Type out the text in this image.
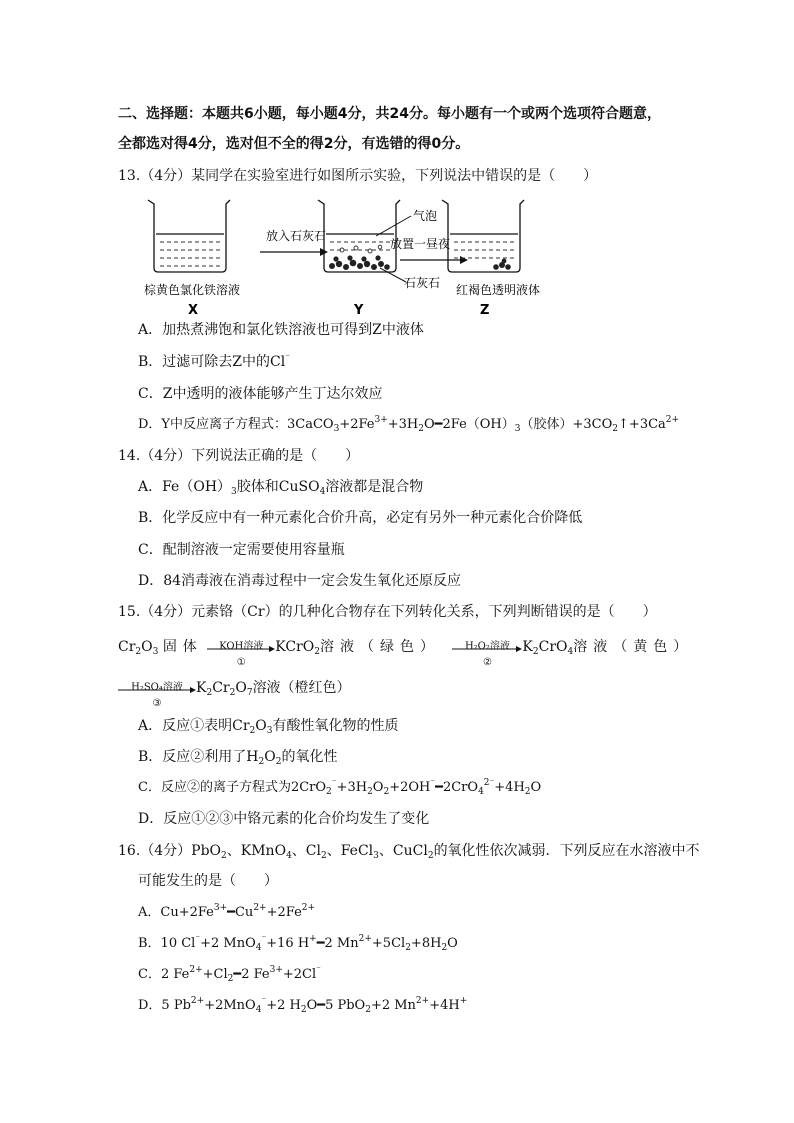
二、选择题：本题共6小题，每小题4分，共24分。每小题有一个或两个选项符合题意，
全都选对得4分，选对但不全的得2分，有选错的得0分。
13.（4分）某同学在实验室进行如图所示实验，下列说法中错误的是（　　）
放入石灰石
气泡
石灰石
放置一昼夜
棕黄色氯化铁溶液
X	Y
红褐色透明液体
Z
A．加热煮沸饱和氯化铁溶液也可得到Z中液体
B．过滤可除去Z中的Cl⁻
C．Z中透明的液体能够产生丁达尔效应
D．Y中反应离子方程式：$3CaCO_3+2Fe^{3+}+3H_2O━2Fe(OH)_3$（胶体）$+3CO_2↑+3Ca^{2+}$
14.（4分）下列说法正确的是（　　）
A．$Fe(OH)_3$胶体和CuSO$_4$溶液都是混合物
B．化学反应中有一种元素化合价升高，必定有另外一种元素化合价降低
C．配制溶液一定需要使用容量瓶
D．84消毒液在消毒过程中一定会发生氧化还原反应
15.（4分）元素铬（Cr）的几种化合物存在下列转化关系，下列判断错误的是（　　）
$Cr_2O_3$ 固体	KOH溶液
①
KCrO$_2$溶液（绿色）	H₂O₂溶液
②
$K_2CrO_4$溶液（黄色）
H₂SO₄溶液
③
$K_2Cr_2O_7$溶液（橙红色）
A．反应①表明$Cr_2O_3$有酸性氧化物的性质
B．反应②利用了$H_2O_2$的氧化性
C．反应②的离子方程式为$2CrO_2^{^-}+3H_2O_2+2OH^{^-}━2CrO_4^{2^-}+4H_2O$
D．反应①②③中铬元素的化合价均发生了变化
16.（4分）PbO$_2$、KMnO$_4$、$Cl_2$、FeCl$_3$、CuCl$_2$的氧化性依次减弱．下列反应在水溶液中不
可能发生的是（　　）
A．$Cu+2Fe^{3+}━Cu^{2+}+2Fe^{2+}$
B．10 Cl⁻+2 MnO$_4$⁻+16 H+━2 $Mn^{2+}+5Cl_2+8H_2O$
C．2 $Fe^{2+}+Cl_2━2$ $Fe^{3+}+2Cl^{^-}$
D．5 $Pb^{2+}+2MnO_4^{^-}+2$ $H_2O━5$ PbO$_2$+2 $Mn^{2+}+4H^+$
